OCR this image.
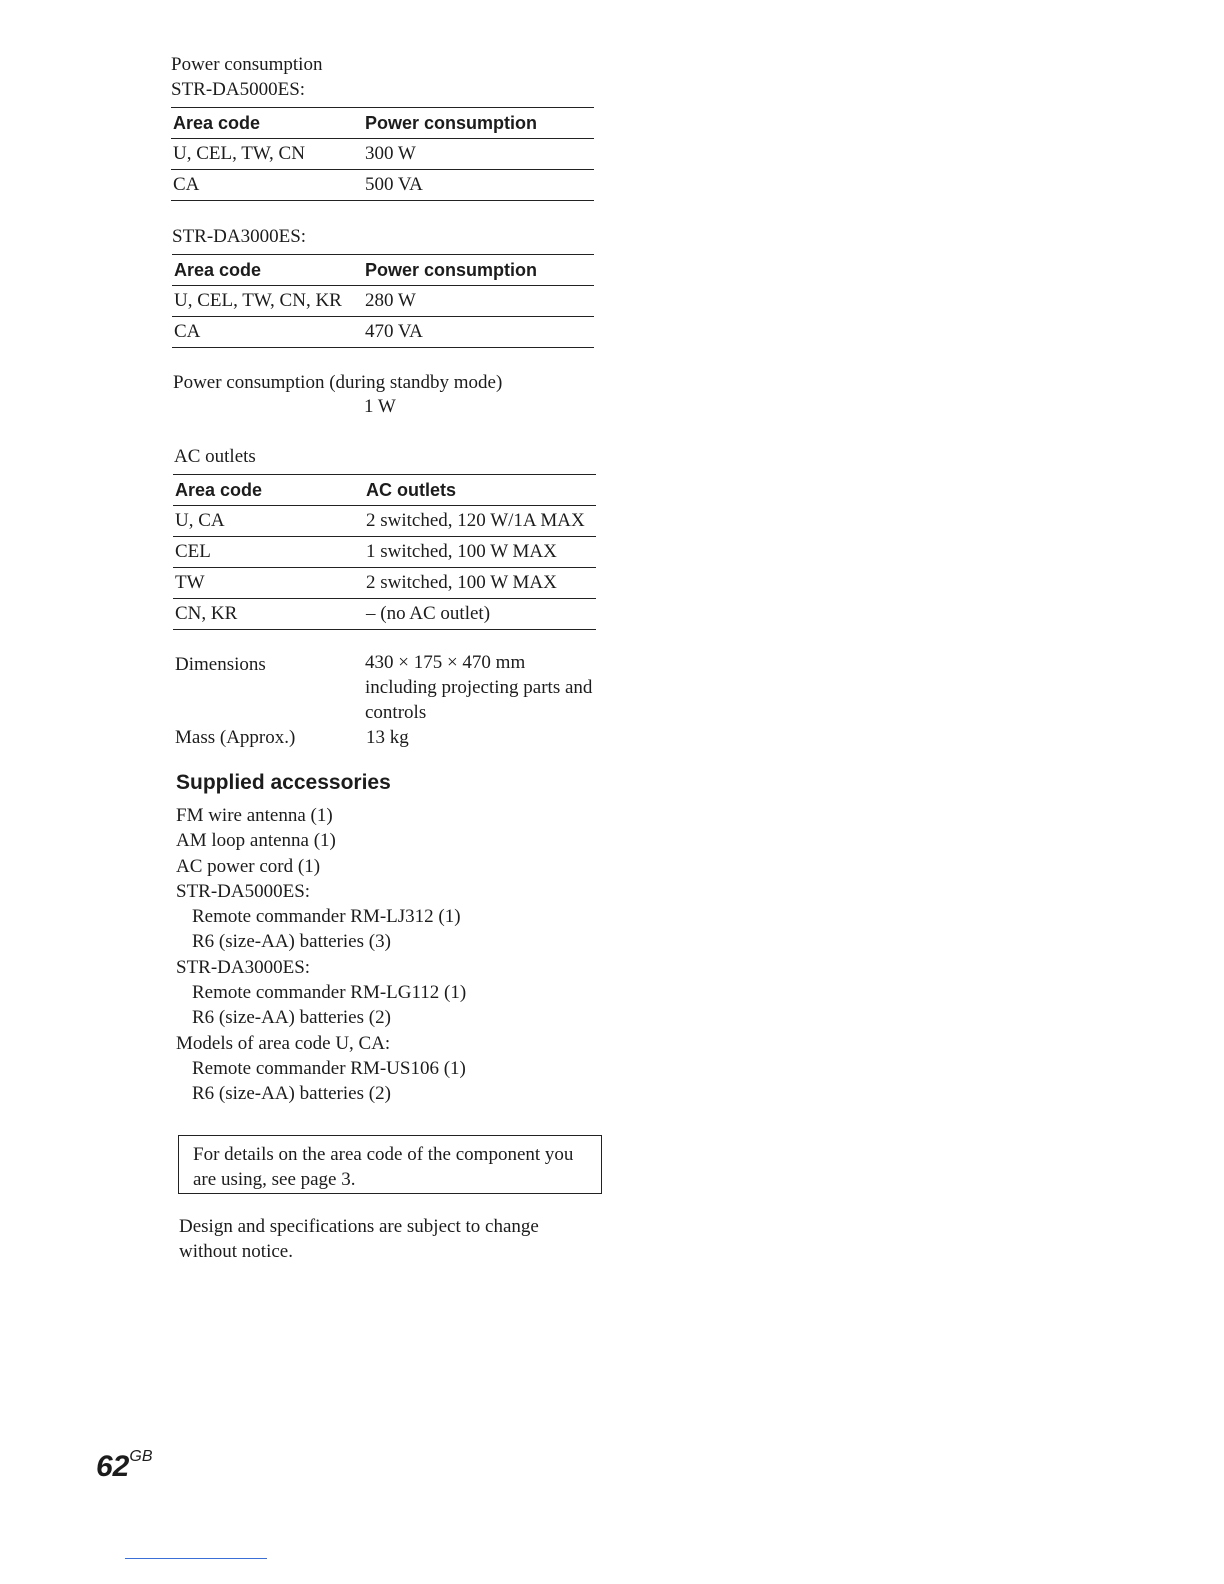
Power consumption
STR-DA5000ES:
Area code	Power consumption
U, CEL, TW, CN	300 W
CA	500 VA
STR-DA3000ES:
Area code	Power consumption
U, CEL, TW, CN, KR	280 W
CA	470 VA
Power consumption (during standby mode)
1 W
AC outlets
Area code	AC outlets
U, CA	2 switched, 120 W/1A MAX
CEL	1 switched, 100 W MAX
TW	2 switched, 100 W MAX
CN, KR	– (no AC outlet)
Dimensions	430 × 175 × 470 mm
including projecting parts and
controls
Mass (Approx.)	13 kg
Supplied accessories
FM wire antenna (1)
AM loop antenna (1)
AC power cord (1)
STR-DA5000ES:
Remote commander RM-LJ312 (1)
R6 (size-AA) batteries (3)
STR-DA3000ES:
Remote commander RM-LG112 (1)
R6 (size-AA) batteries (2)
Models of area code U, CA:
Remote commander RM-US106 (1)
R6 (size-AA) batteries (2)
For details on the area code of the component you
are using, see page 3.
Design and specifications are subject to change
without notice.
$62^{GB}$
